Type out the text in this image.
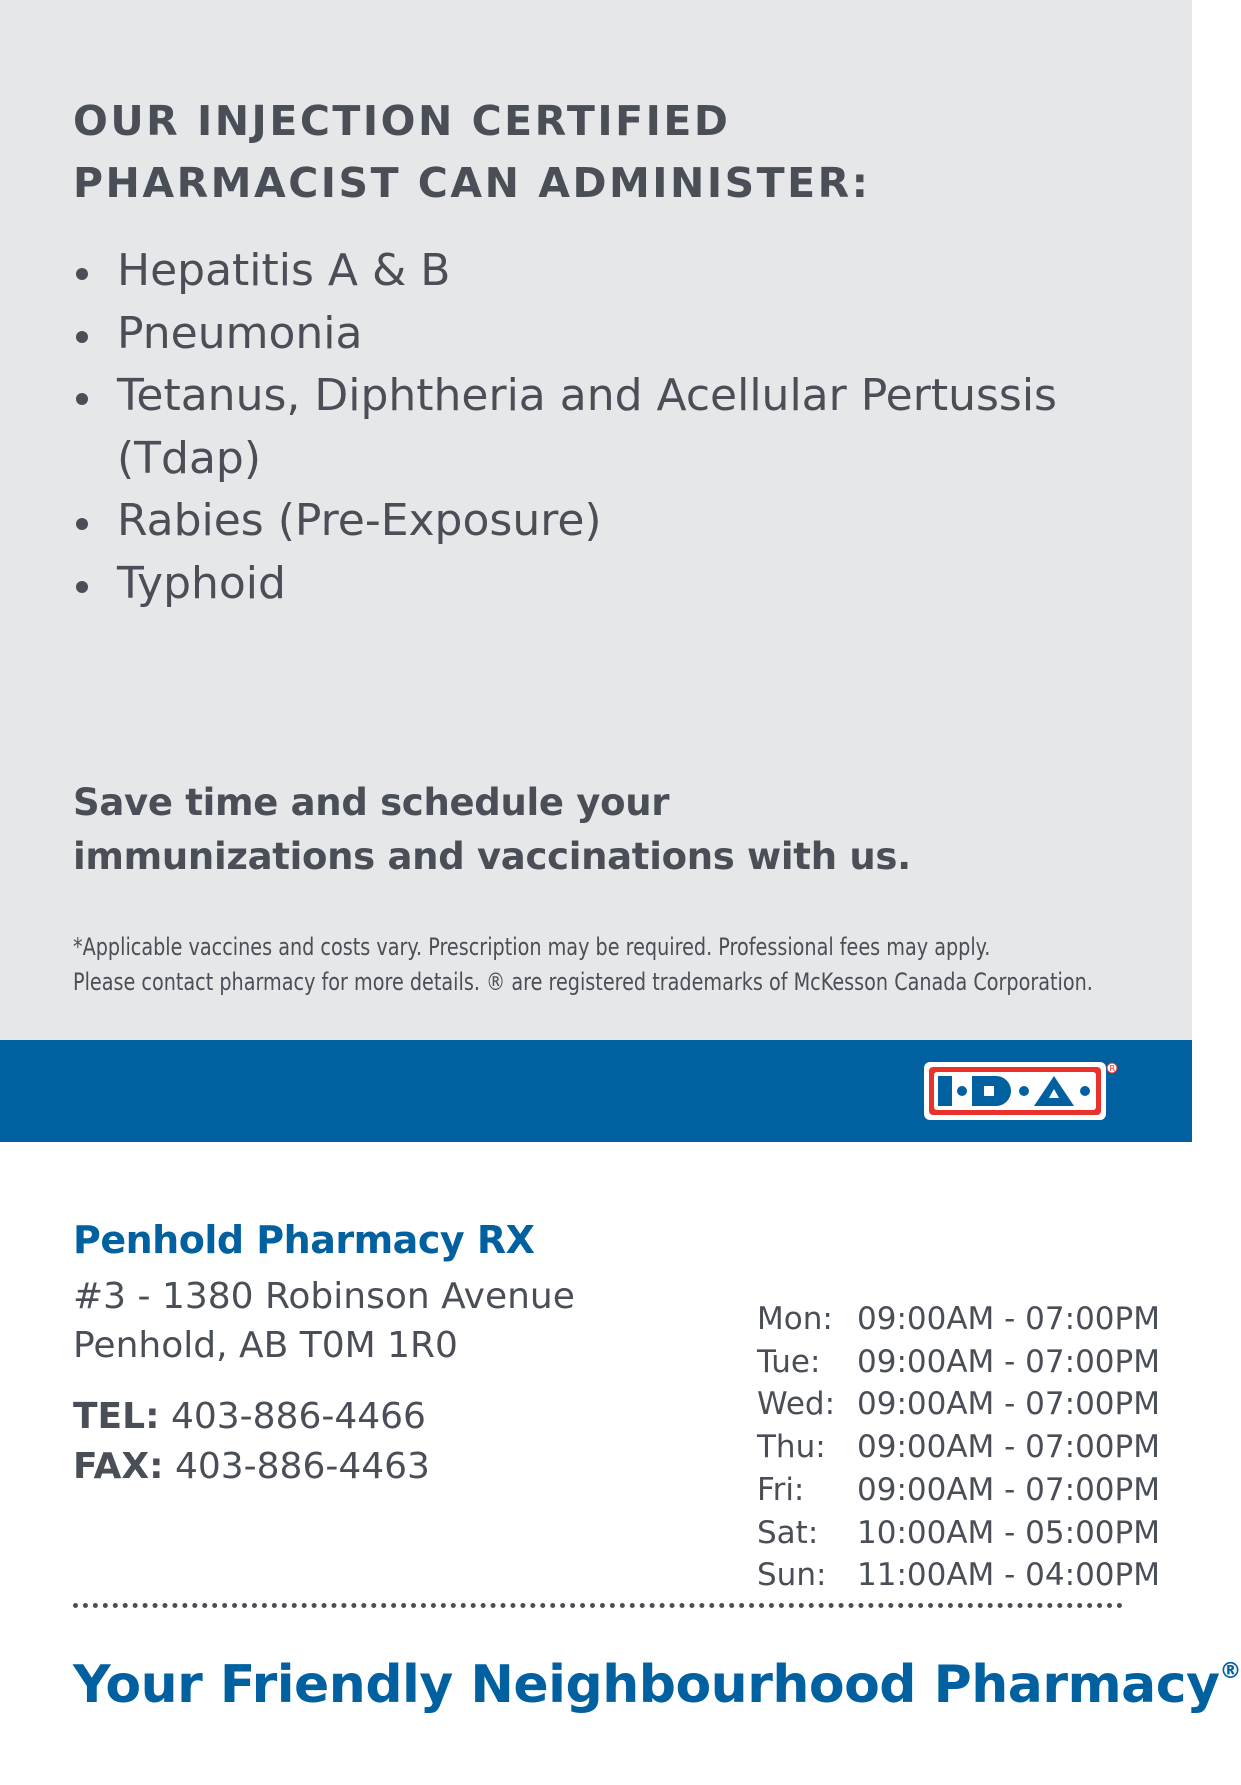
OUR INJECTION CERTIFIED
PHARMACIST CAN ADMINISTER:
Hepatitis A & B
Pneumonia
Tetanus, Diphtheria and Acellular Pertussis (Tdap)
Rabies (Pre-Exposure)
Typhoid

Save time and schedule your
immunizations and vaccinations with us.

*Applicable vaccines and costs vary. Prescription may be required. Professional fees may apply.
Please contact pharmacy for more details. ® are registered trademarks of McKesson Canada Corporation.
R
Penhold Pharmacy RX
#3 - 1380 Robinson Avenue
Penhold, AB T0M 1R0
TEL: 403-886-4466
FAX: 403-886-4463
Mon: 09:00AM - 07:00PM
Tue:	09:00AM - 07:00PM
Wed: 09:00AM - 07:00PM
Thu:	09:00AM - 07:00PM
Fri:	09:00AM - 07:00PM
Sat:	10:00AM - 05:00PM
Sun: 11:00AM - 04:00PM
Your Friendly Neighbourhood Pharmacy®
